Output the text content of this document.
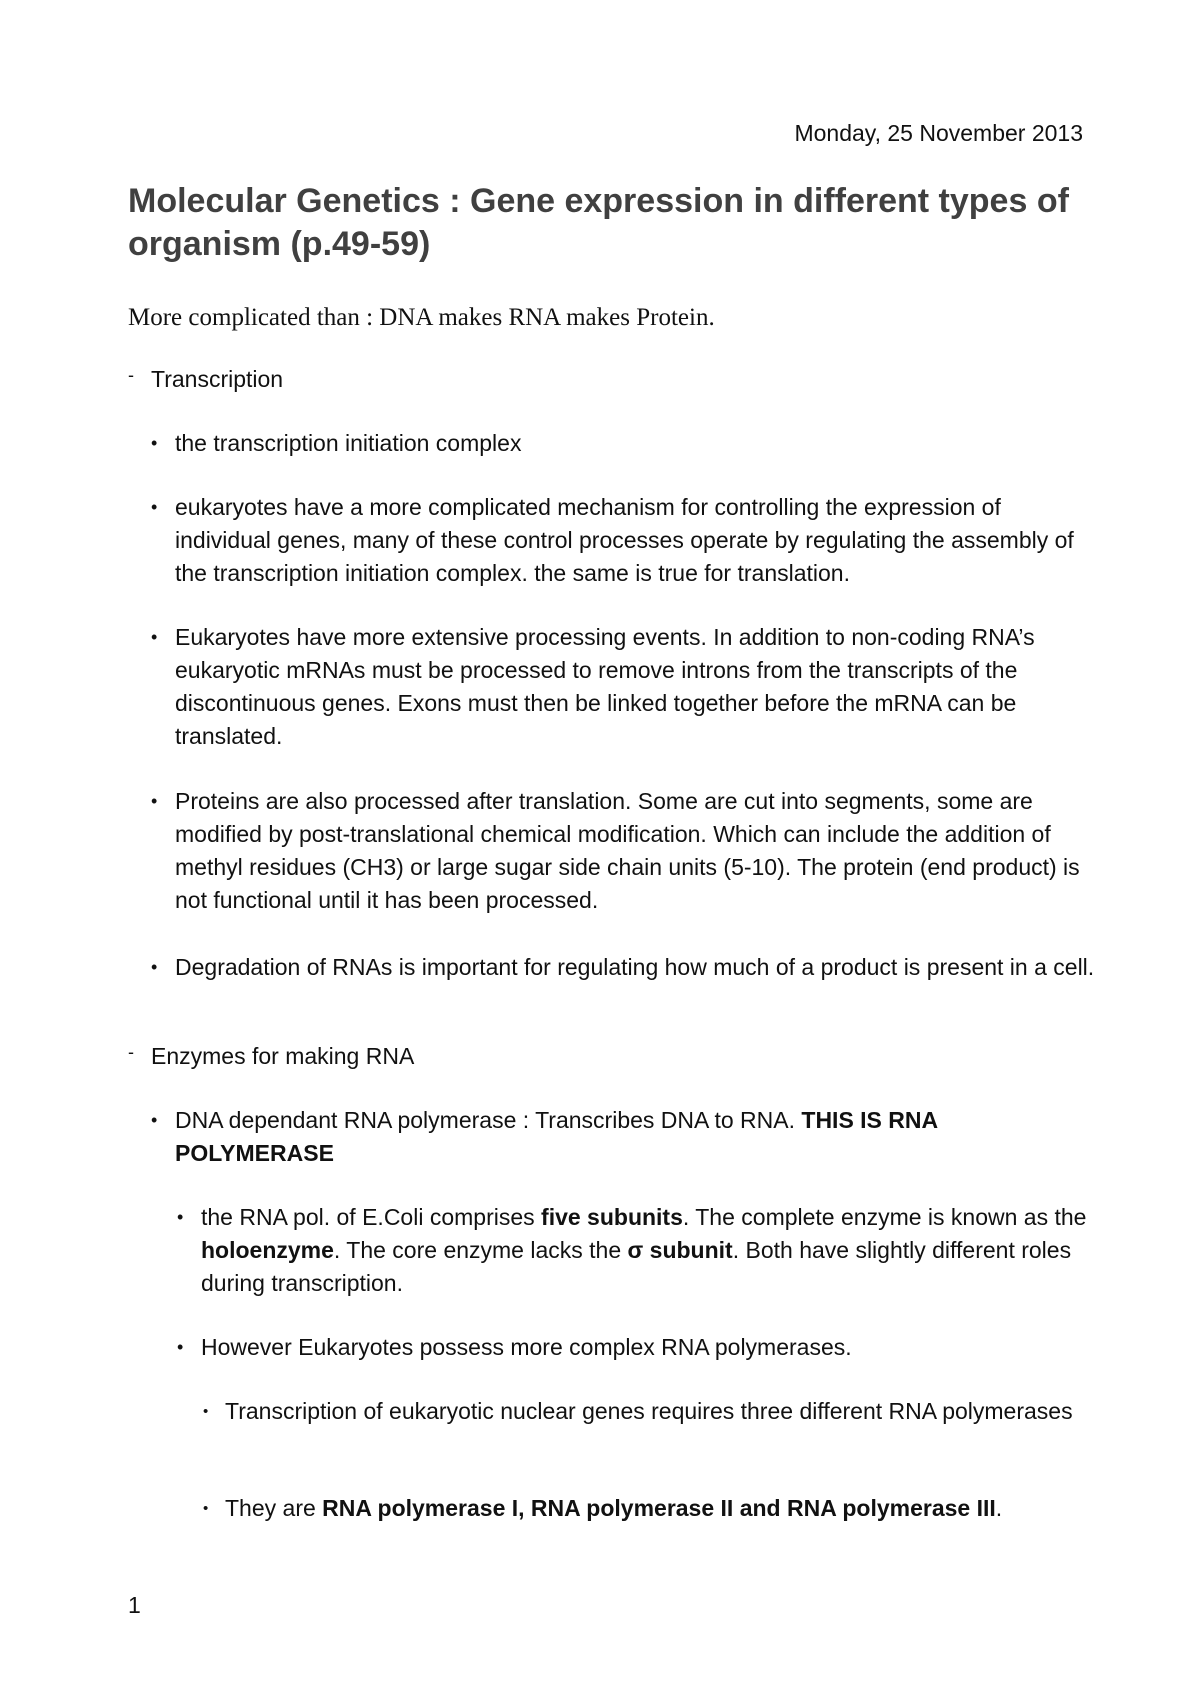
Monday, 25 November 2013
Molecular Genetics : Gene expression in different types of organism (p.49-59)

More complicated than : DNA makes RNA makes Protein.

- Transcription

• the transcription initiation complex

• eukaryotes have a more complicated mechanism for controlling the expression of individual genes, many of these control processes operate by regulating the assembly of the transcription initiation complex. the same is true for translation.

• Eukaryotes have more extensive processing events. In addition to non-coding RNA’s eukaryotic mRNAs must be processed to remove introns from the transcripts of the discontinuous genes. Exons must then be linked together before the mRNA can be translated.

• Proteins are also processed after translation. Some are cut into segments, some are modified by post-translational chemical modification. Which can include the addition of methyl residues (CH3) or large sugar side chain units (5-10). The protein (end product) is not functional until it has been processed.

• Degradation of RNAs is important for regulating how much of a product is present in a cell.

- Enzymes for making RNA

• DNA dependant RNA polymerase : Transcribes DNA to RNA. THIS IS RNA POLYMERASE

• the RNA pol. of E.Coli comprises five subunits. The complete enzyme is known as the holoenzyme. The core enzyme lacks the σ subunit. Both have slightly different roles during transcription.

• However Eukaryotes possess more complex RNA polymerases.

• Transcription of eukaryotic nuclear genes requires three different RNA polymerases

• They are RNA polymerase I, RNA polymerase II and RNA polymerase III.

1
